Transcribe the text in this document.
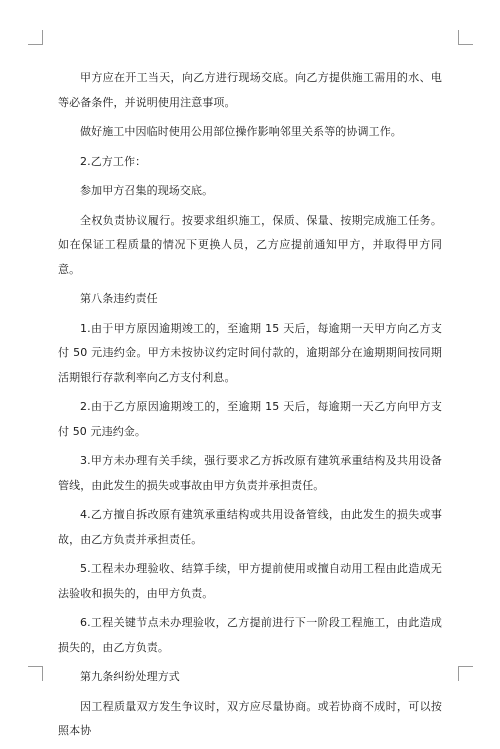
甲方应在开工当天，向乙方进行现场交底。向乙方提供施工需用的水、电等必备条件，并说明使用注意事项。

做好施工中因临时使用公用部位操作影响邻里关系等的协调工作。

2.乙方工作：

参加甲方召集的现场交底。

全权负责协议履行。按要求组织施工，保质、保量、按期完成施工任务。如在保证工程质量的情况下更换人员，乙方应提前通知甲方，并取得甲方同意。

第八条违约责任

1.由于甲方原因逾期竣工的，至逾期 15 天后，每逾期一天甲方向乙方支付 50 元违约金。甲方未按协议约定时间付款的，逾期部分在逾期期间按同期活期银行存款利率向乙方支付利息。

2.由于乙方原因逾期竣工的，至逾期 15 天后，每逾期一天乙方向甲方支付 50 元违约金。

3.甲方未办理有关手续，强行要求乙方拆改原有建筑承重结构及共用设备管线，由此发生的损失或事故由甲方负责并承担责任。

4.乙方擅自拆改原有建筑承重结构或共用设备管线，由此发生的损失或事故，由乙方负责并承担责任。

5.工程未办理验收、结算手续，甲方提前使用或擅自动用工程由此造成无法验收和损失的，由甲方负责。

6.工程关键节点未办理验收，乙方提前进行下一阶段工程施工，由此造成损失的，由乙方负责。

第九条纠纷处理方式

因工程质量双方发生争议时，双方应尽量协商。或若协商不成时，可以按照本协
